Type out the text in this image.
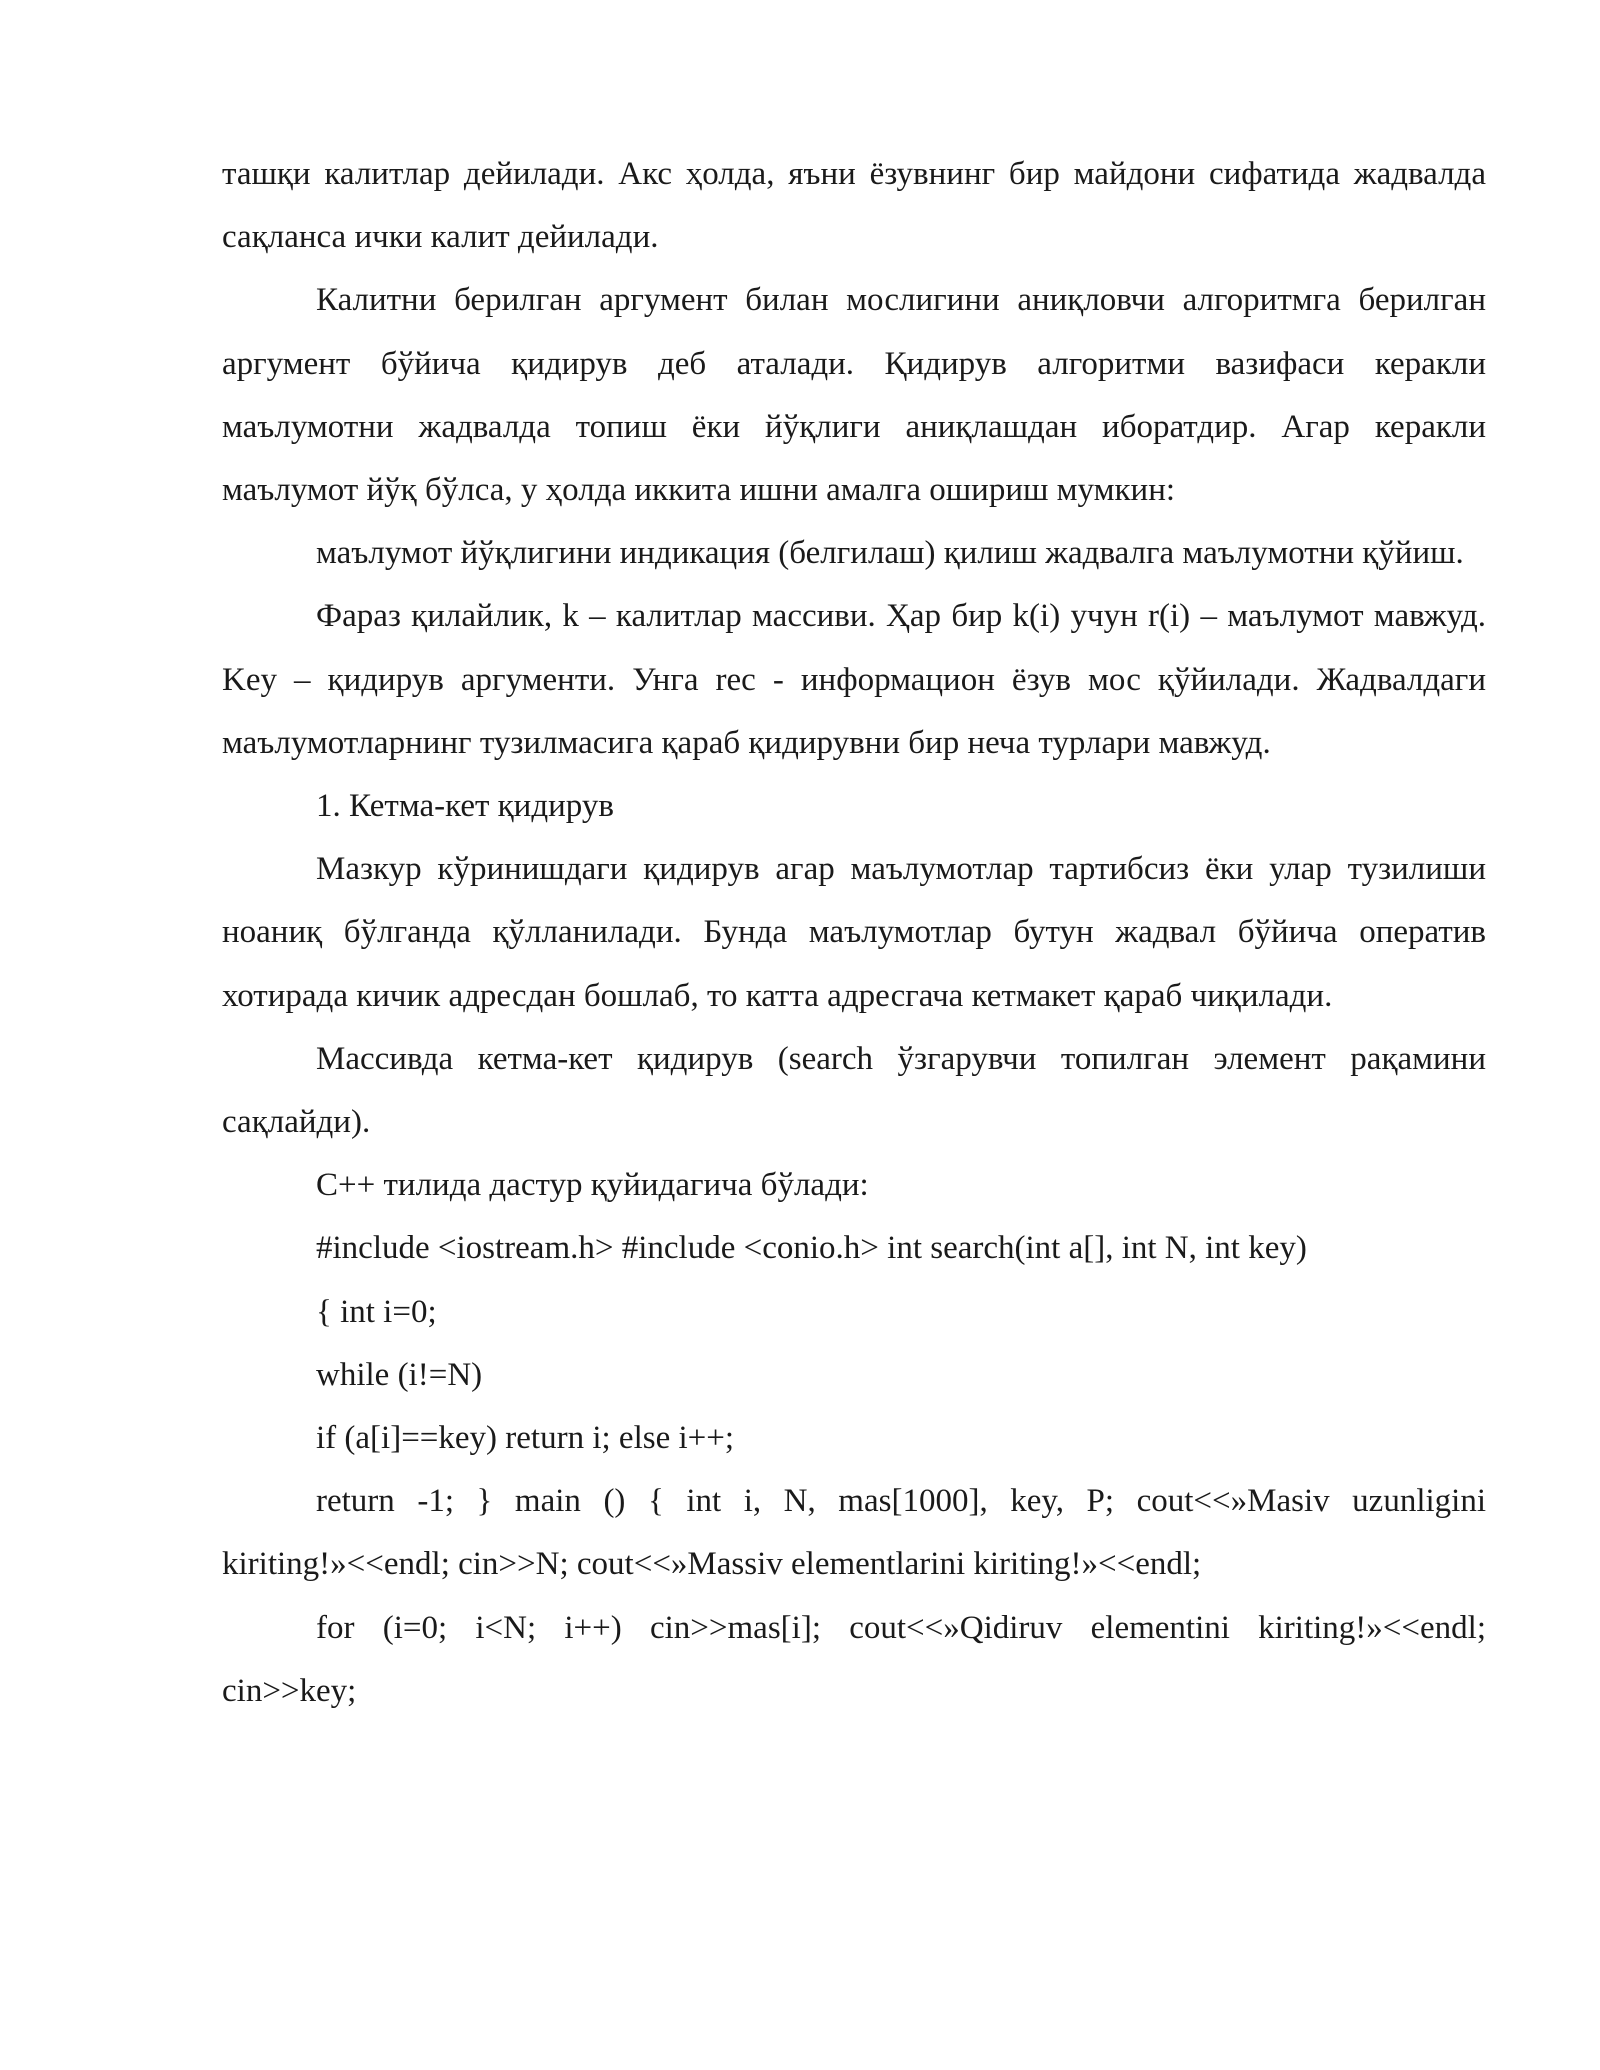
ташқи калитлар дейилади. Акс ҳолда, яъни ёзувнинг бир майдони сифатида жадвалда сақланса ички калит дейилади.

Калитни берилган аргумент билан мослигини аниқловчи алгоритмга берилган аргумент бўйича қидирув деб аталади. Қидирув алгоритми вазифаси керакли маълумотни жадвалда топиш ёки йўқлиги аниқлашдан иборатдир. Агар керакли маълумот йўқ бўлса, у ҳолда иккита ишни амалга ошириш мумкин:

маълумот йўқлигини индикация (белгилаш) қилиш жадвалга маълумотни қўйиш.

Фараз қилайлик, k – калитлар массиви. Ҳар бир k(i) учун r(i) – маълумот мавжуд. Key – қидирув аргументи. Унга rec - информацион ёзув мос қўйилади. Жадвалдаги маълумотларнинг тузилмасига қараб қидирувни бир неча турлари мавжуд.

1. Кетма-кет қидирув

Мазкур кўринишдаги қидирув агар маълумотлар тартибсиз ёки улар тузилиши ноаниқ бўлганда қўлланилади. Бунда маълумотлар бутун жадвал бўйича оператив хотирада кичик адресдан бошлаб, то катта адресгача кетмакет қараб чиқилади.

Массивда кетма-кет қидирув (search ўзгарувчи топилган элемент рақамини сақлайди).

С++ тилида дастур қуйидагича бўлади:

#include <iostream.h> #include <conio.h> int search(int a[], int N, int key)

{ int i=0;

while (i!=N)

if (a[i]==key) return i; else i++;

return -1; } main () { int i, N, mas[1000], key, P; cout<<»Masiv uzunligini kiriting!»<<endl; cin>>N; cout<<»Massiv elementlarini kiriting!»<<endl;

for (i=0; i<N; i++) cin>>mas[i]; cout<<»Qidiruv elementini kiriting!»<<endl; cin>>key;
